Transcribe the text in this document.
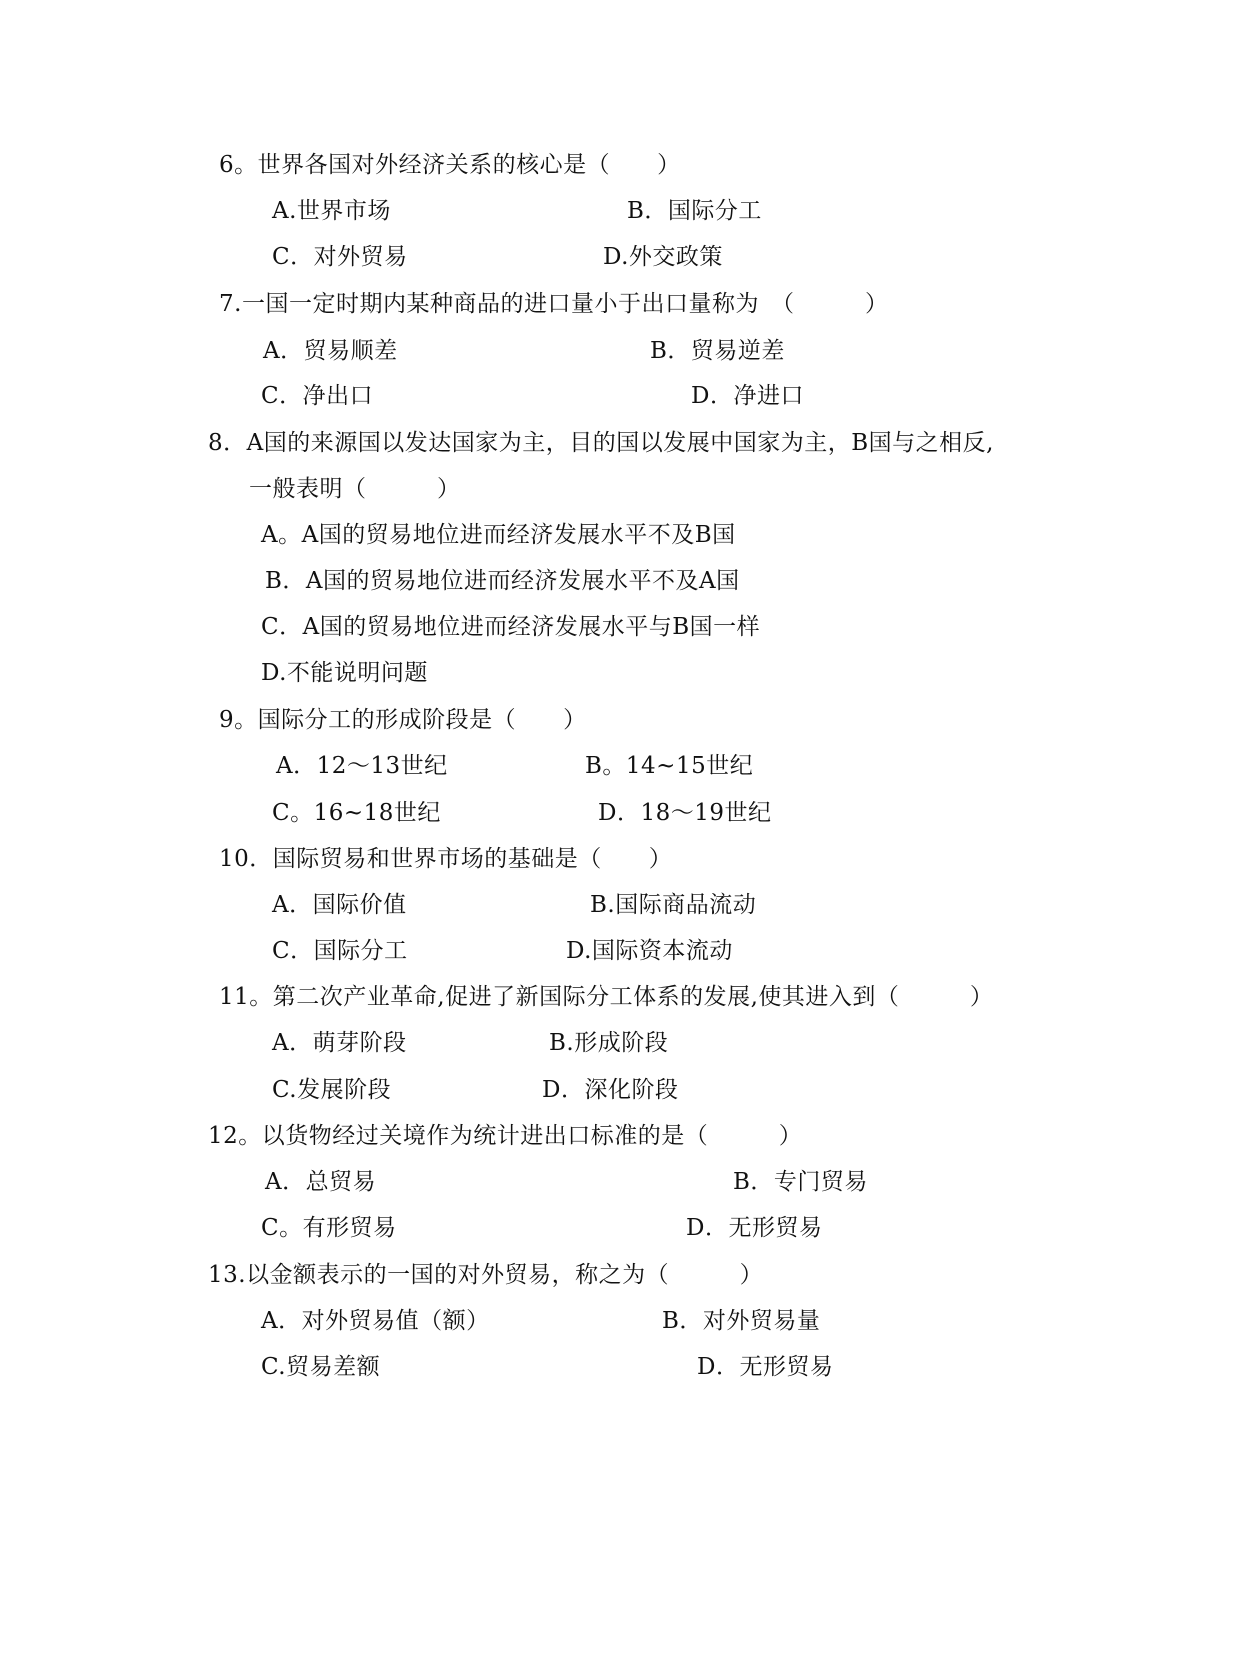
6。世界各国对外经济关系的核心是（　　）
A.世界市场	B．国际分工
C．对外贸易	D.外交政策
7.一国一定时期内某种商品的进口量小于出口量称为　（　　　）
A．贸易顺差	B．贸易逆差
C．净出口	D．净进口
8．A国的来源国以发达国家为主，目的国以发展中国家为主，B国与之相反,
一般表明（　　　）
A。A国的贸易地位进而经济发展水平不及B国
B．A国的贸易地位进而经济发展水平不及A国
C．A国的贸易地位进而经济发展水平与B国一样
D.不能说明问题
9。国际分工的形成阶段是（　　）
A．12～13世纪	B。14~15世纪
C。16~18世纪	D．18～19世纪
10．国际贸易和世界市场的基础是（　　）
A．国际价值	B.国际商品流动
C．国际分工	D.国际资本流动
11。第二次产业革命,促进了新国际分工体系的发展,使其进入到（　　　）
A．萌芽阶段	B.形成阶段
C.发展阶段	D．深化阶段
12。以货物经过关境作为统计进出口标准的是（　　　）
A．总贸易	B．专门贸易
C。有形贸易	D．无形贸易
13.以金额表示的一国的对外贸易，称之为（　　　）
A．对外贸易值（额）	B．对外贸易量
C.贸易差额	D．无形贸易
